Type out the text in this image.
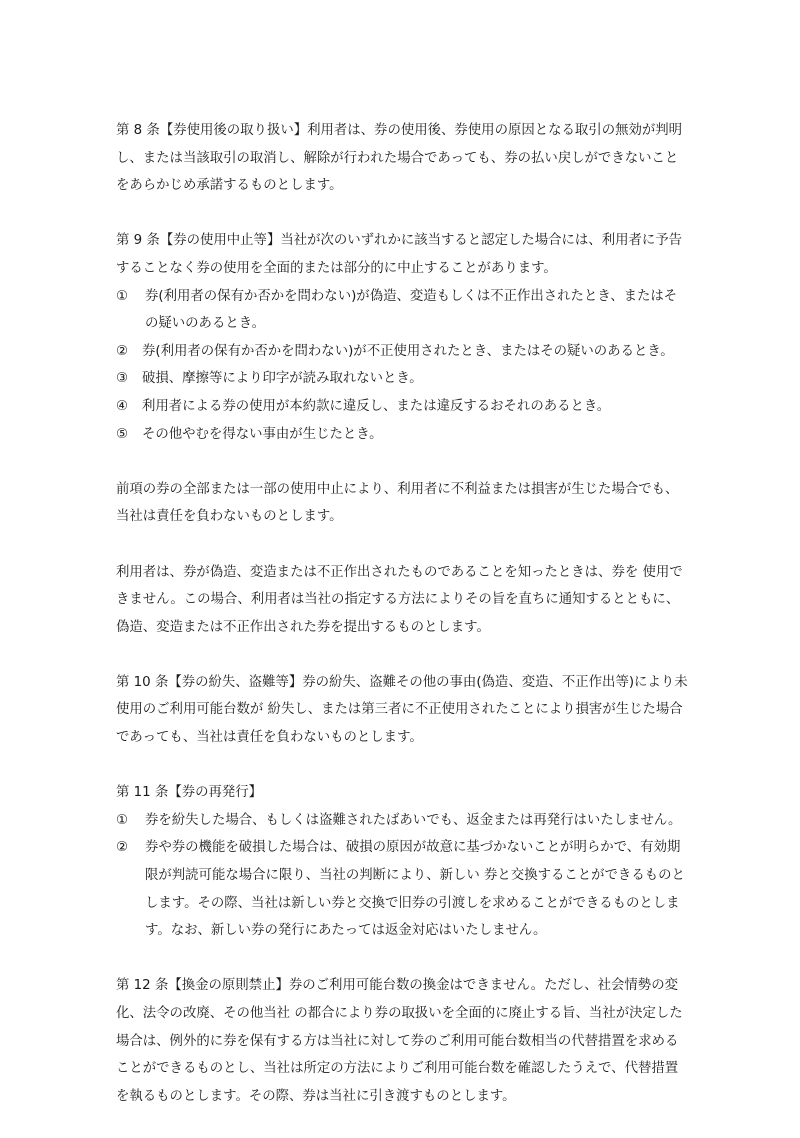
第 8 条【券使用後の取り扱い】利用者は、券の使用後、券使用の原因となる取引の無効が判明し、または当該取引の取消し、解除が行われた場合であっても、券の払い戻しができないことをあらかじめ承諾するものとします。

第 9 条【券の使用中止等】当社が次のいずれかに該当すると認定した場合には、利用者に予告することなく券の使用を全面的または部分的に中止することがあります。

①	券(利用者の保有か否かを問わない)が偽造、変造もしくは不正作出されたとき、またはその疑いのあるとき。
②	券(利用者の保有か否かを問わない)が不正使用されたとき、またはその疑いのあるとき。
③	破損、摩擦等により印字が読み取れないとき。
④	利用者による券の使用が本約款に違反し、または違反するおそれのあるとき。
⑤	その他やむを得ない事由が生じたとき。

前項の券の全部または一部の使用中止により、利用者に不利益または損害が生じた場合でも、 当社は責任を負わないものとします。

利用者は、券が偽造、変造または不正作出されたものであることを知ったときは、券を 使用できません。この場合、利用者は当社の指定する方法によりその旨を直ちに通知するとともに、偽造、変造または不正作出された券を提出するものとします。

第 10 条【券の紛失、盗難等】券の紛失、盗難その他の事由(偽造、変造、不正作出等)により未使用のご利用可能台数が 紛失し、または第三者に不正使用されたことにより損害が生じた場合であっても、当社は責任を負わないものとします。

第 11 条【券の再発行】

①	券を紛失した場合、もしくは盗難されたばあいでも、返金または再発行はいたしません。
②	券や券の機能を破損した場合は、破損の原因が故意に基づかないことが明らかで、有効期限が判読可能な場合に限り、当社の判断により、新しい 券と交換することができるものとします。その際、当社は新しい券と交換で旧券の引渡しを求めることができるものとします。なお、新しい券の発行にあたっては返金対応はいたしません。

第 12 条【換金の原則禁止】券のご利用可能台数の換金はできません。ただし、社会情勢の変化、法令の改廃、その他当社 の都合により券の取扱いを全面的に廃止する旨、当社が決定した場合は、例外的に券を保有する方は当社に対して券のご利用可能台数相当の代替措置を求めることができるものとし、当社は所定の方法によりご利用可能台数を確認したうえで、代替措置を執るものとします。その際、券は当社に引き渡すものとします。
